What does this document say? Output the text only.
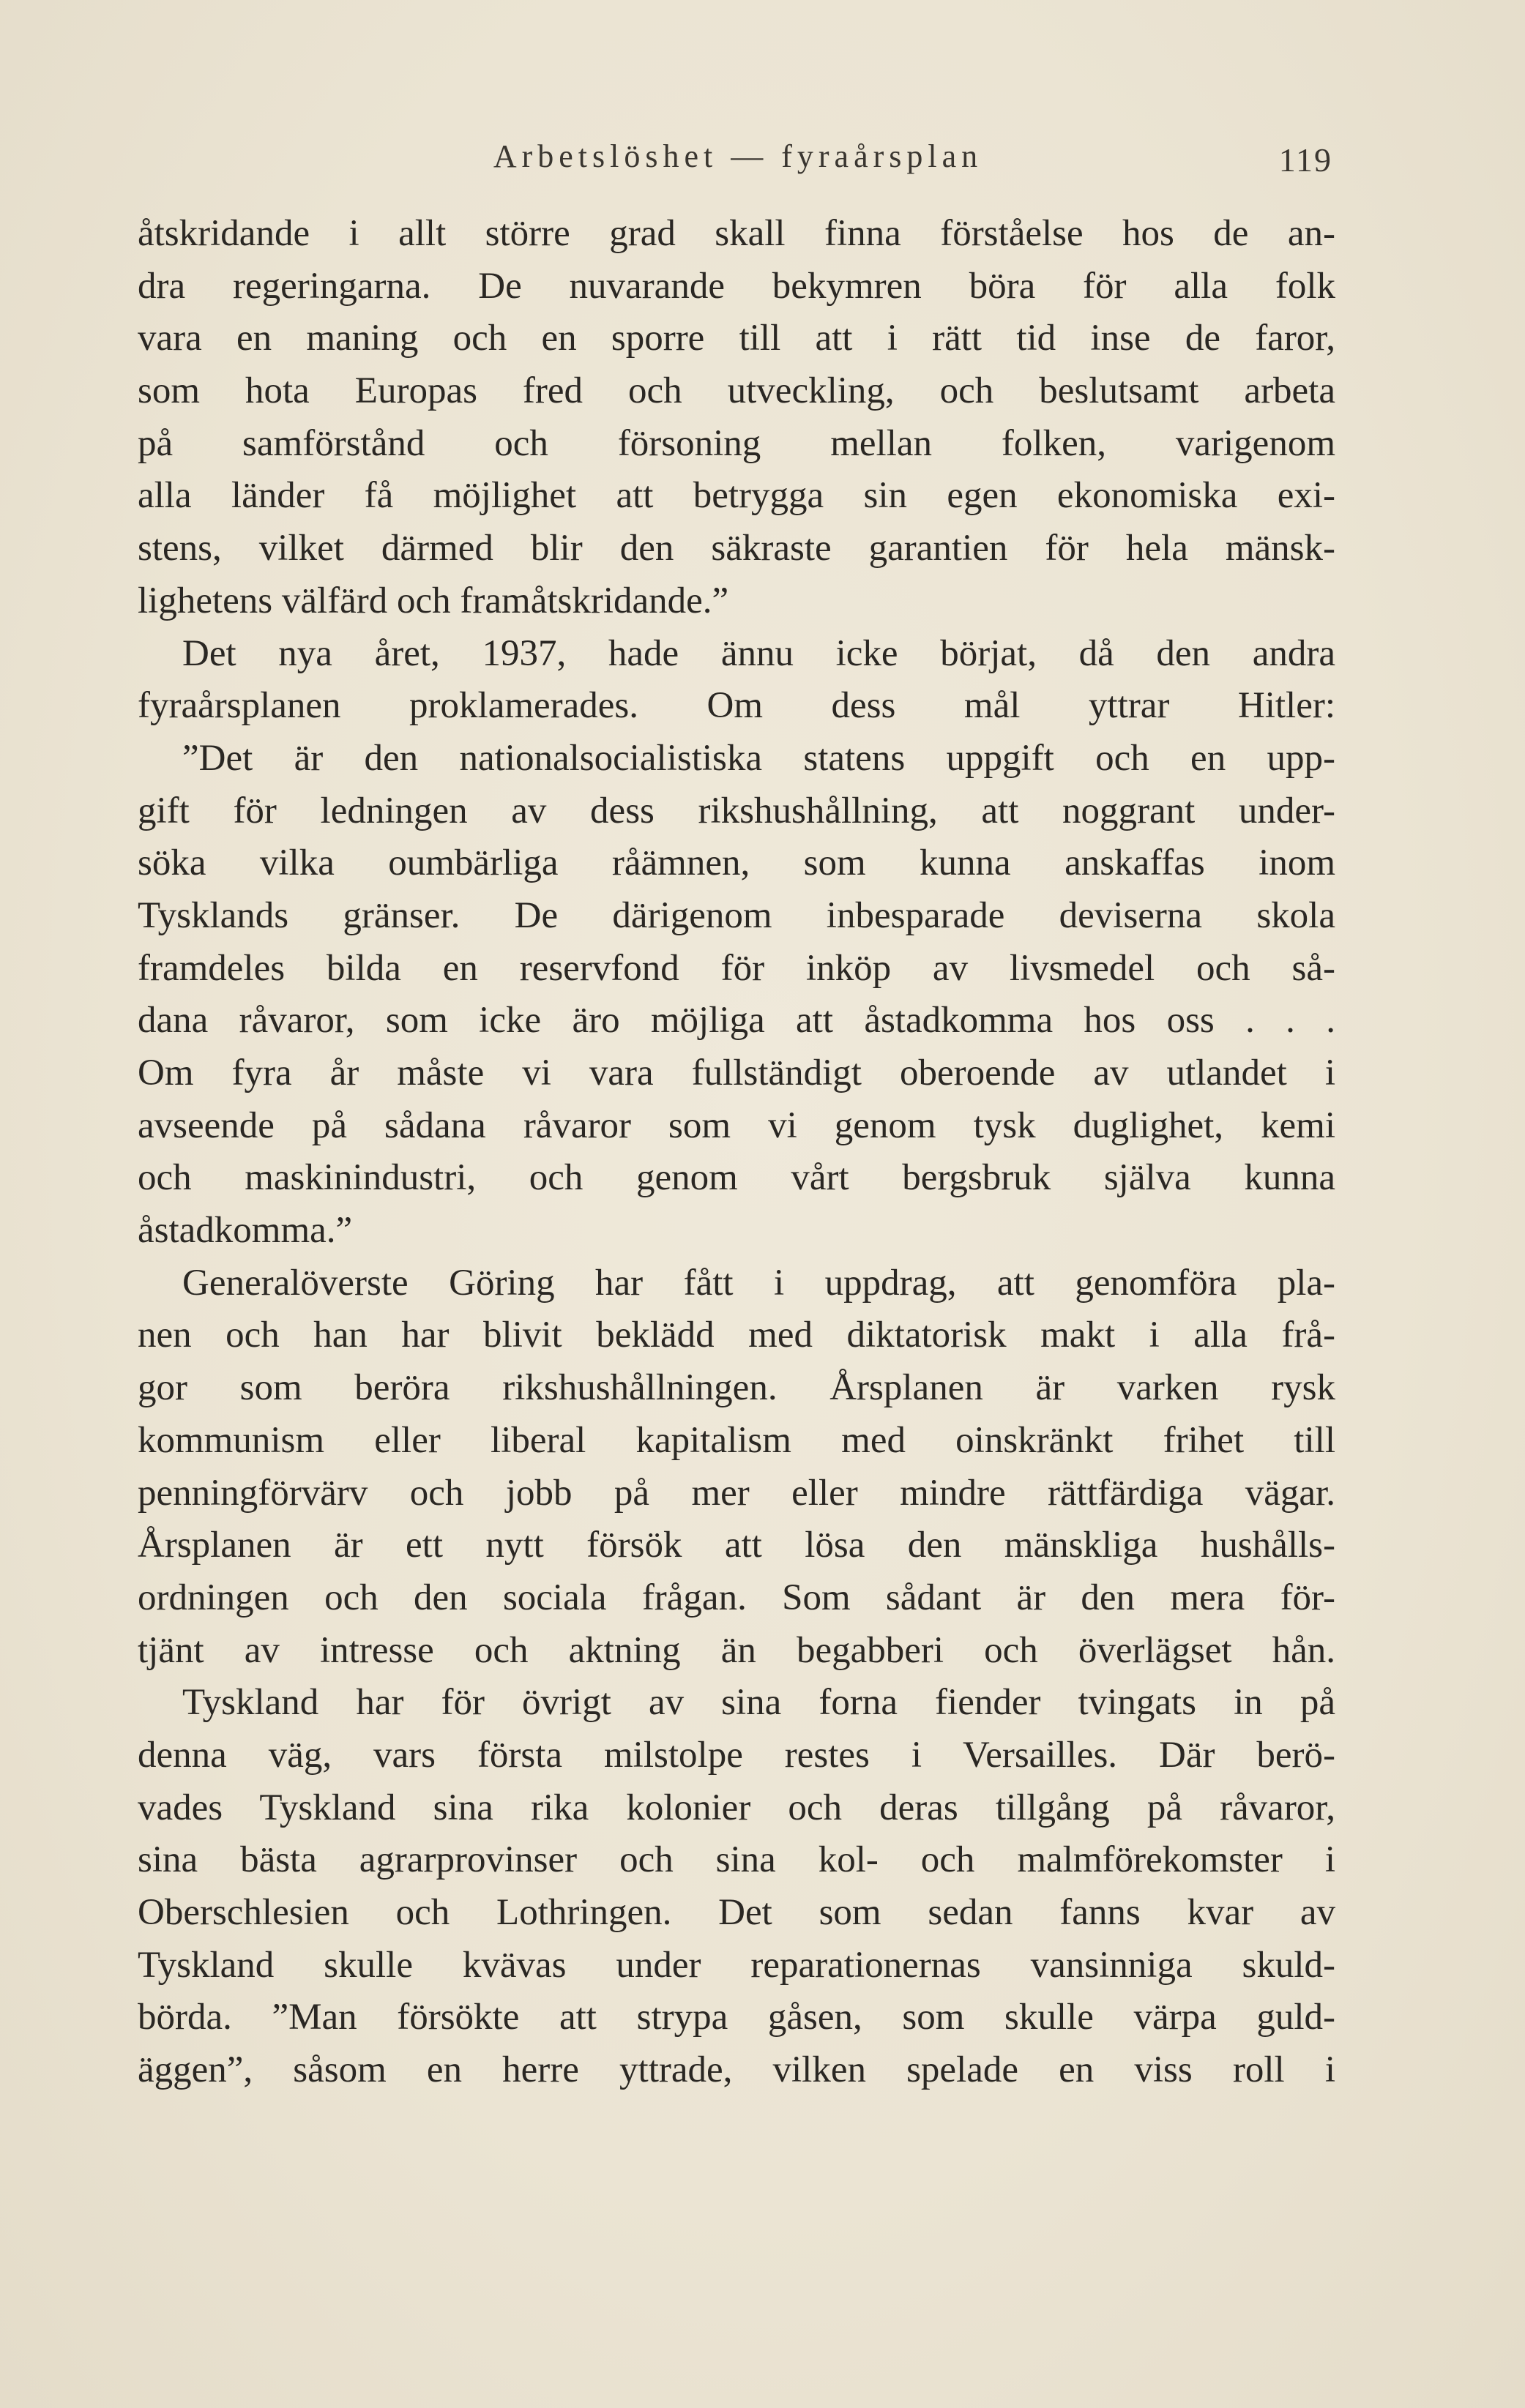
Arbetslöshet — fyraårsplan	119
åtskridande i allt större grad skall finna förståelse hos de an-
dra regeringarna. De nuvarande bekymren böra för alla folk
vara en maning och en sporre till att i rätt tid inse de faror,
som hota Europas fred och utveckling, och beslutsamt arbeta
på samförstånd och försoning mellan folken, varigenom
alla länder få möjlighet att betrygga sin egen ekonomiska exi-
stens, vilket därmed blir den säkraste garantien för hela mänsk-
lighetens välfärd och framåtskridande.”
Det nya året, 1937, hade ännu icke börjat, då den andra
fyraårsplanen proklamerades. Om dess mål yttrar Hitler:
”Det är den nationalsocialistiska statens uppgift och en upp-
gift för ledningen av dess rikshushållning, att noggrant under-
söka vilka oumbärliga råämnen, som kunna anskaffas inom
Tysklands gränser. De därigenom inbesparade deviserna skola
framdeles bilda en reservfond för inköp av livsmedel och så-
dana råvaror, som icke äro möjliga att åstadkomma hos oss . . .
Om fyra år måste vi vara fullständigt oberoende av utlandet i
avseende på sådana råvaror som vi genom tysk duglighet, kemi
och maskinindustri, och genom vårt bergsbruk själva kunna
åstadkomma.”
Generalöverste Göring har fått i uppdrag, att genomföra pla-
nen och han har blivit beklädd med diktatorisk makt i alla frå-
gor som beröra rikshushållningen. Årsplanen är varken rysk
kommunism eller liberal kapitalism med oinskränkt frihet till
penningförvärv och jobb på mer eller mindre rättfärdiga vägar.
Årsplanen är ett nytt försök att lösa den mänskliga hushålls-
ordningen och den sociala frågan. Som sådant är den mera för-
tjänt av intresse och aktning än begabberi och överlägset hån.
Tyskland har för övrigt av sina forna fiender tvingats in på
denna väg, vars första milstolpe restes i Versailles. Där berö-
vades Tyskland sina rika kolonier och deras tillgång på råvaror,
sina bästa agrarprovinser och sina kol- och malmförekomster i
Oberschlesien och Lothringen. Det som sedan fanns kvar av
Tyskland skulle kvävas under reparationernas vansinniga skuld-
börda. ”Man försökte att strypa gåsen, som skulle värpa guld-
äggen”, såsom en herre yttrade, vilken spelade en viss roll i
